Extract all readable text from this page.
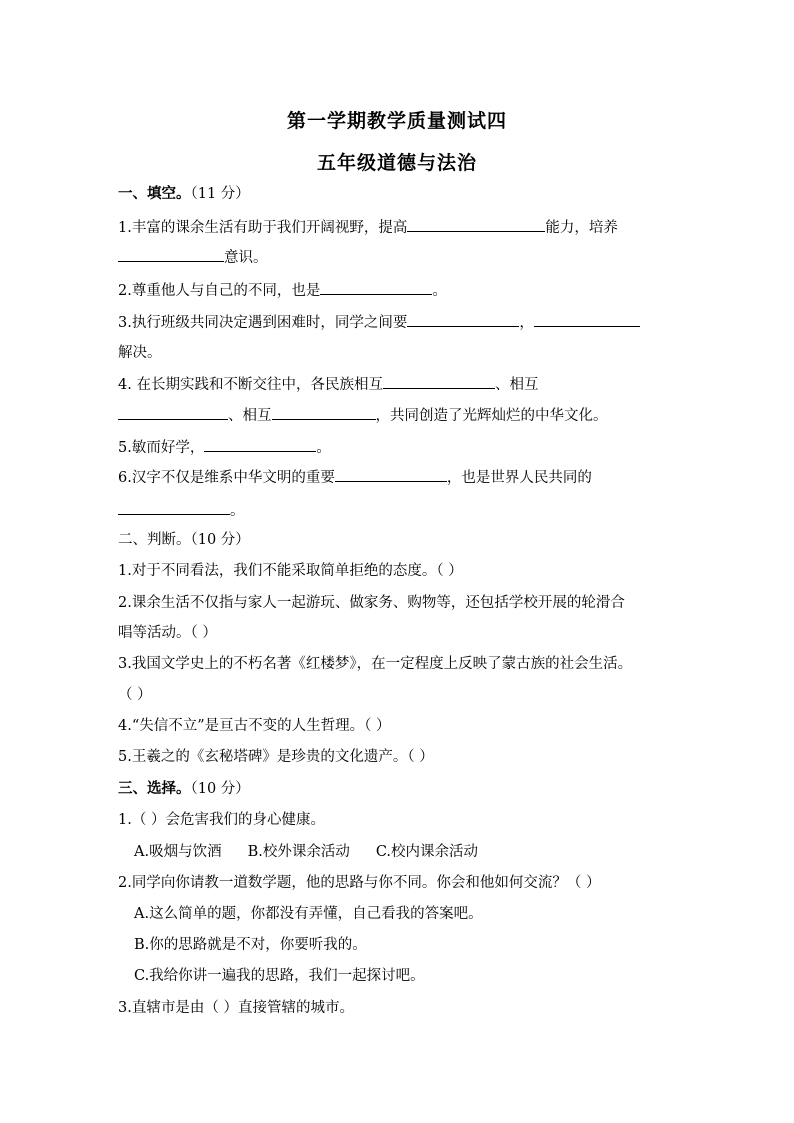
第一学期教学质量测试四
五年级道德与法治
一、填空。（11 分）
1.丰富的课余生活有助于我们开阔视野，提高	能力，培养
意识。
2.尊重他人与自己的不同，也是	。
3.执行班级共同决定遇到困难时，同学之间要	，
解决。
4. 在长期实践和不断交往中，各民族相互	、相互
、相互	，共同创造了光辉灿烂的中华文化。
5.敏而好学，	。
6.汉字不仅是维系中华文明的重要	，也是世界人民共同的
。
二、判断。（10 分）
1.对于不同看法，我们不能采取简单拒绝的态度。（ ）
2.课余生活不仅指与家人一起游玩、做家务、购物等，还包括学校开展的轮滑合
唱等活动。（ ）
3.我国文学史上的不朽名著《红楼梦》，在一定程度上反映了蒙古族的社会生活。
（ ）
4.“失信不立”是亘古不变的人生哲理。（ ）
5.王羲之的《玄秘塔碑》是珍贵的文化遗产。（ ）
三、选择。（10 分）
1.（ ）会危害我们的身心健康。
A.吸烟与饮酒 B.校外课余活动 C.校内课余活动
2.同学向你请教一道数学题，他的思路与你不同。你会和他如何交流？（ ）
A.这么简单的题，你都没有弄懂，自己看我的答案吧。
B.你的思路就是不对，你要听我的。
C.我给你讲一遍我的思路，我们一起探讨吧。
3.直辖市是由（ ）直接管辖的城市。
